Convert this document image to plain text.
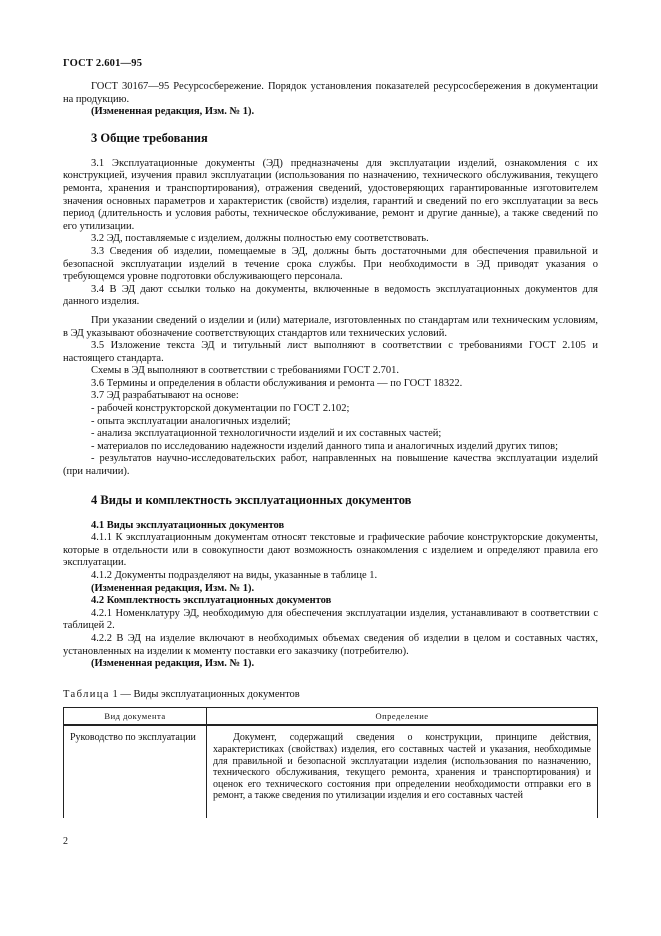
ГОСТ 2.601—95

ГОСТ 30167—95 Ресурсосбережение. Порядок установления показателей ресурсосбережения в документации на продукцию.

(Измененная редакция, Изм. № 1).

3 Общие требования

3.1 Эксплуатационные документы (ЭД) предназначены для эксплуатации изделий, ознакомления с их конструкцией, изучения правил эксплуатации (использования по назначению, технического обслуживания, текущего ремонта, хранения и транспортирования), отражения сведений, удостоверяющих гарантированные изготовителем значения основных параметров и характеристик (свойств) изделия, гарантий и сведений по его эксплуатации за весь период (длительность и условия работы, техническое обслуживание, ремонт и другие данные), а также сведений по его утилизации.

3.2 ЭД, поставляемые с изделием, должны полностью ему соответствовать.

3.3 Сведения об изделии, помещаемые в ЭД, должны быть достаточными для обеспечения правильной и безопасной эксплуатации изделий в течение срока службы. При необходимости в ЭД приводят указания о требующемся уровне подготовки обслуживающего персонала.

3.4 В ЭД дают ссылки только на документы, включенные в ведомость эксплуатационных документов для данного изделия.

При указании сведений о изделии и (или) материале, изготовленных по стандартам или техническим условиям, в ЭД указывают обозначение соответствующих стандартов или технических условий.

3.5 Изложение текста ЭД и титульный лист выполняют в соответствии с требованиями ГОСТ 2.105 и настоящего стандарта.

Схемы в ЭД выполняют в соответствии с требованиями ГОСТ 2.701.

3.6 Термины и определения в области обслуживания и ремонта — по ГОСТ 18322.

3.7 ЭД разрабатывают на основе:

- рабочей конструкторской документации по ГОСТ 2.102;

- опыта эксплуатации аналогичных изделий;

- анализа эксплуатационной технологичности изделий и их составных частей;

- материалов по исследованию надежности изделий данного типа и аналогичных изделий других типов;

- результатов научно-исследовательских работ, направленных на повышение качества эксплуатации изделий (при наличии).

4 Виды и комплектность эксплуатационных документов

4.1 Виды эксплуатационных документов

4.1.1 К эксплуатационным документам относят текстовые и графические рабочие конструкторские документы, которые в отдельности или в совокупности дают возможность ознакомления с изделием и определяют правила его эксплуатации.

4.1.2 Документы подразделяют на виды, указанные в таблице 1.

(Измененная редакция, Изм. № 1).

4.2 Комплектность эксплуатационных документов

4.2.1 Номенклатуру ЭД, необходимую для обеспечения эксплуатации изделия, устанавливают в соответствии с таблицей 2.

4.2.2 В ЭД на изделие включают в необходимых объемах сведения об изделии в целом и составных частях, установленных на изделии к моменту поставки его заказчику (потребителю).

(Измененная редакция, Изм. № 1).

Таблица 1 — Виды эксплуатационных документов

Вид документа	Определение
Руководство по эксплуатации	Документ, содержащий сведения о конструкции, принципе действия, характеристиках (свойствах) изделия, его составных частей и указания, необходимые для правильной и безопасной эксплуатации изделия (использования по назначению, технического обслуживания, текущего ремонта, хранения и транспортирования) и оценок его технического состояния при определении необходимости отправки его в ремонт, а также сведения по утилизации изделия и его составных частей
2
